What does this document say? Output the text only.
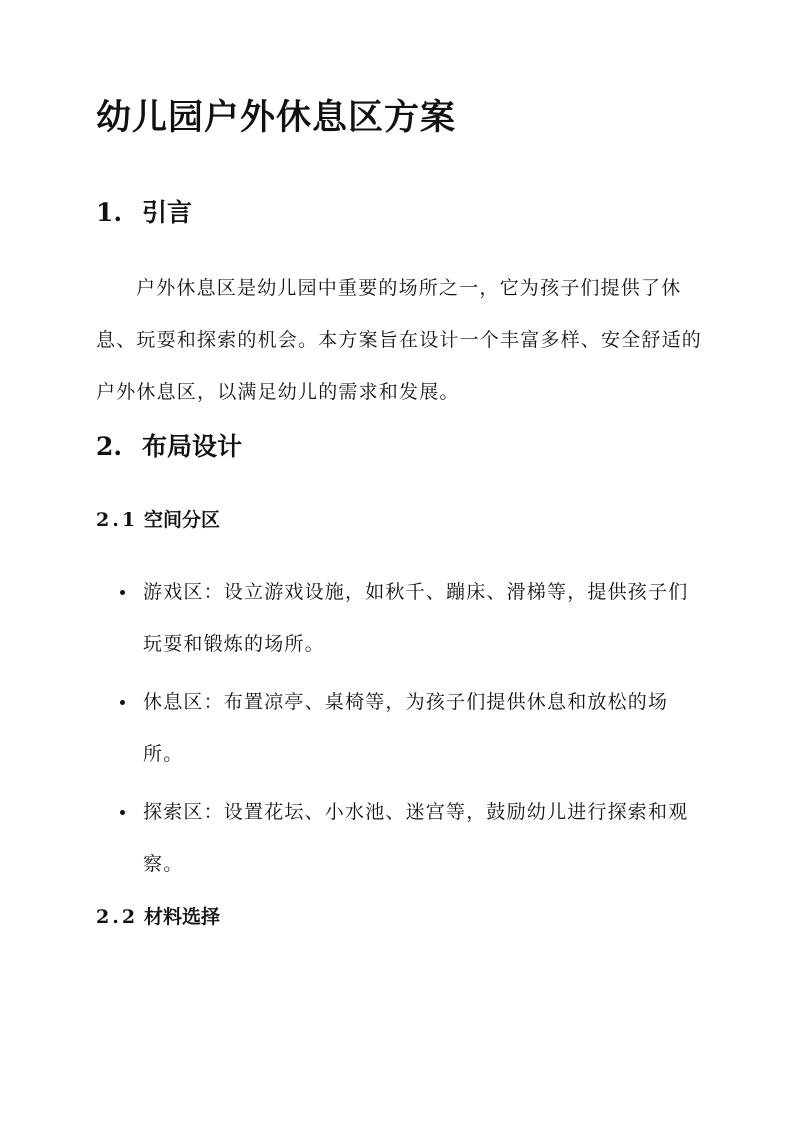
幼儿园户外休息区方案
1. 引言

户外休息区是幼儿园中重要的场所之一，它为孩子们提供了休息、玩耍和探索的机会。本方案旨在设计一个丰富多样、安全舒适的户外休息区，以满足幼儿的需求和发展。

2. 布局设计
2.1 空间分区
游戏区：设立游戏设施，如秋千、蹦床、滑梯等，提供孩子们玩耍和锻炼的场所。
休息区：布置凉亭、桌椅等，为孩子们提供休息和放松的场所。
探索区：设置花坛、小水池、迷宫等，鼓励幼儿进行探索和观察。
2.2 材料选择
